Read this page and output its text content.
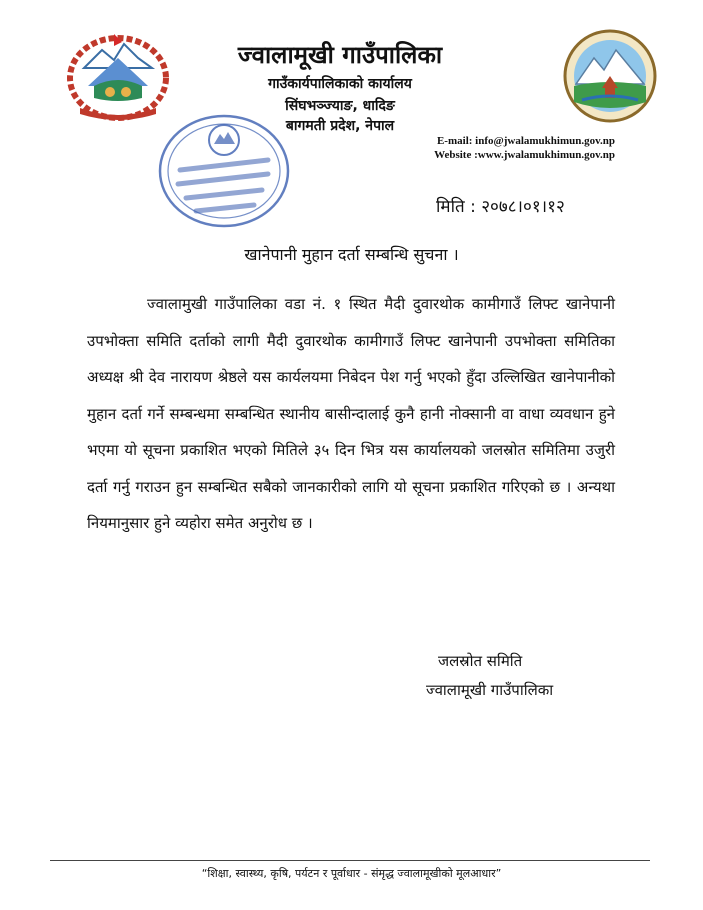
ज्वालामूखी गाउँपालिका
गाउँकार्यपालिकाको कार्यालय
सिंघभञ्ज्याङ, धादिङ
बागमती प्रदेश, नेपाल
E-mail: info@jwalamukhimun.gov.np
Website :www.jwalamukhimun.gov.np
मिति : २०७८।०१।१२
खानेपानी मुहान दर्ता सम्बन्धि सुचना ।

ज्वालामुखी गाउँपालिका वडा नं. १ स्थित मैदी दुवारथोक कामीगाउँ लिफ्ट खानेपानी उपभोक्ता समिति दर्ताको लागी मैदी दुवारथोक कामीगाउँ लिफ्ट खानेपानी उपभोक्ता समितिका अध्यक्ष श्री देव नारायण श्रेष्ठले यस कार्यलयमा निबेदन पेश गर्नु भएको हुँदा उल्लिखित खानेपानीको मुहान दर्ता गर्ने सम्बन्धमा सम्बन्धित स्थानीय बासीन्दालाई कुनै हानी नोक्सानी वा वाधा व्यवधान हुने भएमा यो सूचना प्रकाशित भएको मितिले ३५ दिन भित्र यस कार्यालयको जलस्रोत समितिमा उजुरी दर्ता गर्नु गराउन हुन सम्बन्धित सबैको जानकारीको लागि यो सूचना प्रकाशित गरिएको छ । अन्यथा नियमानुसार हुने व्यहोरा समेत अनुरोध छ ।

जलस्रोत समिति
ज्वालामूखी गाउँपालिका
“शिक्षा, स्वास्थ्य, कृषि, पर्यटन र पूर्वाधार - संमृद्ध ज्वालामूखीको मूलआधार”
